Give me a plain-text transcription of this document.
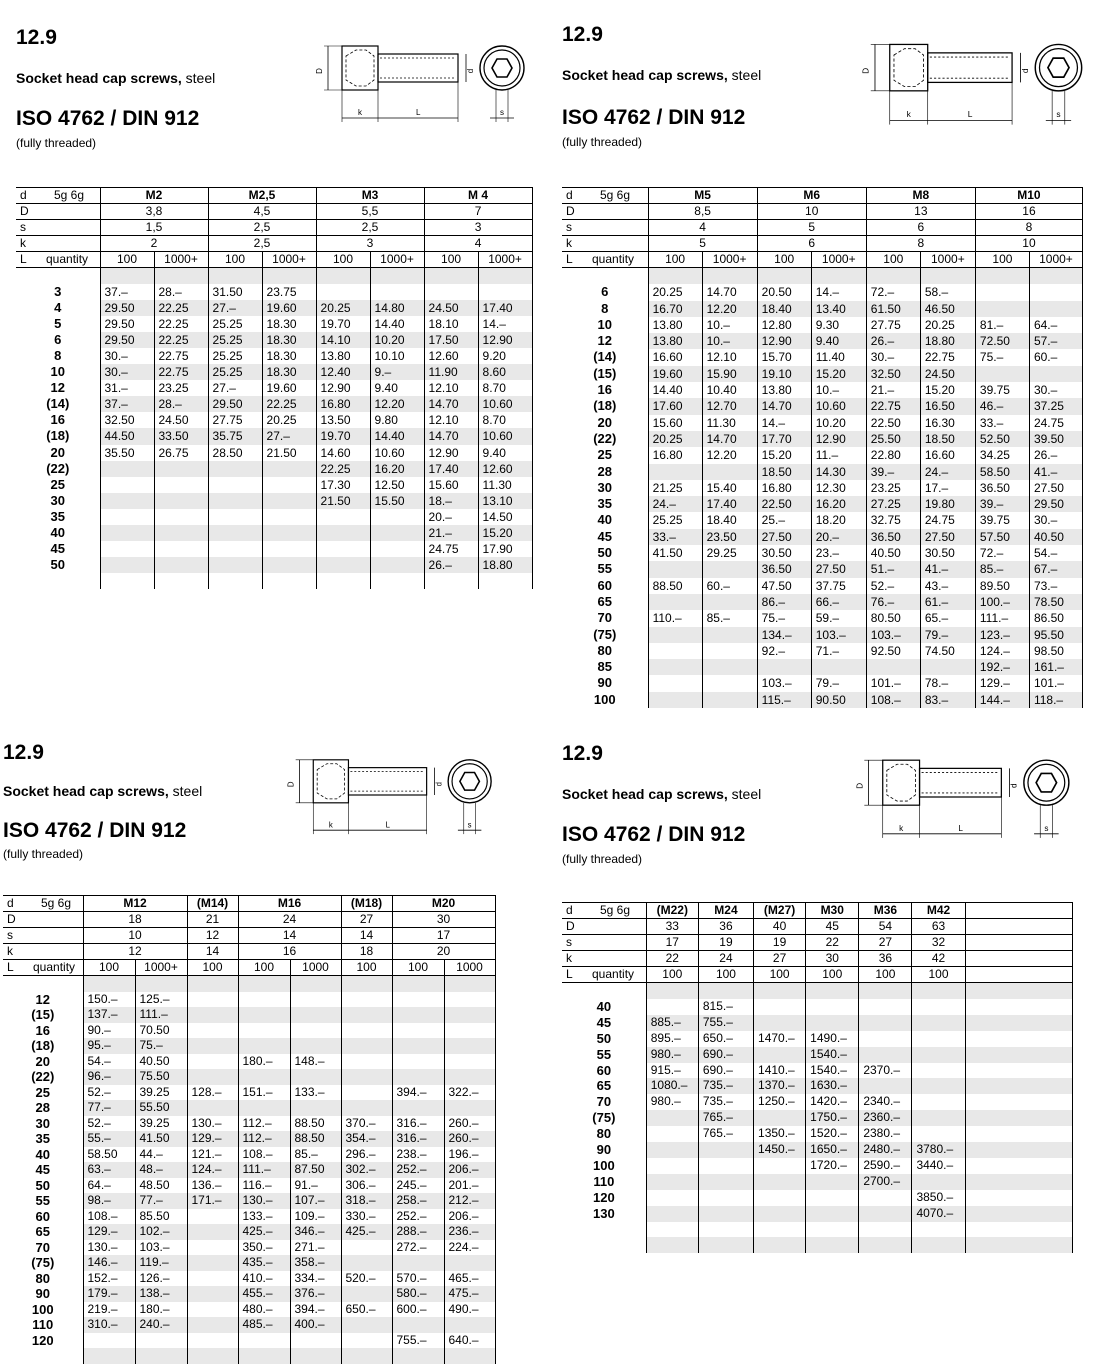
12.9
Socket head cap screws, steel
ISO 4762 / DIN 912
(fully threaded)
D	d
k	L	s
d 5g 6g	M2		M2,5		M3		M 4	
D	3,8		4,5		5,5		7	
s	1,5		2,5		2,5		3	
k	2		2,5		3		4	
L quantity	100	1000+	100	1000+	100	1000+	100	1000+

3	37.–	28.–	31.50	23.75				
4	29.50	22.25	27.–	19.60	20.25	14.80	24.50	17.40
5	29.50	22.25	25.25	18.30	19.70	14.40	18.10	14.–
6	29.50	22.25	25.25	18.30	14.10	10.20	17.50	12.90
8	30.–	22.75	25.25	18.30	13.80	10.10	12.60	9.20
10	30.–	22.75	25.25	18.30	12.40	9.–	11.90	8.60
12	31.–	23.25	27.–	19.60	12.90	9.40	12.10	8.70
(14)	37.–	28.–	29.50	22.25	16.80	12.20	14.70	10.60
16	32.50	24.50	27.75	20.25	13.50	9.80	12.10	8.70
(18)	44.50	33.50	35.75	27.–	19.70	14.40	14.70	10.60
20	35.50	26.75	28.50	21.50	14.60	10.60	12.90	9.40
(22)					22.25	16.20	17.40	12.60
25					17.30	12.50	15.60	11.30
30					21.50	15.50	18.–	13.10
35							20.–	14.50
40							21.–	15.20
45							24.75	17.90
50							26.–	18.80

12.9
Socket head cap screws, steel
ISO 4762 / DIN 912
(fully threaded)
D	d
k	L	s
d 5g 6g	M5		M6		M8		M10	
D	8,5		10		13		16	
s	4		5		6		8	
k	5		6		8		10	
L quantity	100	1000+	100	1000+	100	1000+	100	1000+

6	20.25	14.70	20.50	14.–	72.–	58.–		
8	16.70	12.20	18.40	13.40	61.50	46.50		
10	13.80	10.–	12.80	9.30	27.75	20.25	81.–	64.–
12	13.80	10.–	12.90	9.40	26.–	18.80	72.50	57.–
(14)	16.60	12.10	15.70	11.40	30.–	22.75	75.–	60.–
(15)	19.60	15.90	19.10	15.20	32.50	24.50		
16	14.40	10.40	13.80	10.–	21.–	15.20	39.75	30.–
(18)	17.60	12.70	14.70	10.60	22.75	16.50	46.–	37.25
20	15.60	11.30	14.–	10.20	22.50	16.30	33.–	24.75
(22)	20.25	14.70	17.70	12.90	25.50	18.50	52.50	39.50
25	16.80	12.20	15.20	11.–	22.80	16.60	34.25	26.–
28			18.50	14.30	39.–	24.–	58.50	41.–
30	21.25	15.40	16.80	12.30	23.25	17.–	36.50	27.50
35	24.–	17.40	22.50	16.20	27.25	19.80	39.–	29.50
40	25.25	18.40	25.–	18.20	32.75	24.75	39.75	30.–
45	33.–	23.50	27.50	20.–	36.50	27.50	57.50	40.50
50	41.50	29.25	30.50	23.–	40.50	30.50	72.–	54.–
55			36.50	27.50	51.–	41.–	85.–	67.–
60	88.50	60.–	47.50	37.75	52.–	43.–	89.50	73.–
65			86.–	66.–	76.–	61.–	100.–	78.50
70	110.–	85.–	75.–	59.–	80.50	65.–	111.–	86.50
(75)			134.–	103.–	103.–	79.–	123.–	95.50
80			92.–	71.–	92.50	74.50	124.–	98.50
85							192.–	161.–
90			103.–	79.–	101.–	78.–	129.–	101.–
100			115.–	90.50	108.–	83.–	144.–	118.–
12.9
Socket head cap screws, steel
ISO 4762 / DIN 912
(fully threaded)
D	d
k	L	s
d 5g 6g	M12		(M14)	M16		(M18)	M20	
D	18		21	24		27	30	
s	10		12	14		14	17	
k	12		14	16		18	20	
L quantity	100	1000+	100	100	1000	100	100	1000

12	150.–	125.–						
(15)	137.–	111.–						
16	90.–	70.50						
(18)	95.–	75.–						
20	54.–	40.50		180.–	148.–			
(22)	96.–	75.50						
25	52.–	39.25	128.–	151.–	133.–		394.–	322.–
28	77.–	55.50						
30	52.–	39.25	130.–	112.–	88.50	370.–	316.–	260.–
35	55.–	41.50	129.–	112.–	88.50	354.–	316.–	260.–
40	58.50	44.–	121.–	108.–	85.–	296.–	238.–	196.–
45	63.–	48.–	124.–	111.–	87.50	302.–	252.–	206.–
50	64.–	48.50	136.–	116.–	91.–	306.–	245.–	201.–
55	98.–	77.–	171.–	130.–	107.–	318.–	258.–	212.–
60	108.–	85.50		133.–	109.–	330.–	252.–	206.–
65	129.–	102.–		425.–	346.–	425.–	288.–	236.–
70	130.–	103.–		350.–	271.–		272.–	224.–
(75)	146.–	119.–		435.–	358.–			
80	152.–	126.–		410.–	334.–	520.–	570.–	465.–
90	179.–	138.–		455.–	376.–		580.–	475.–
100	219.–	180.–		480.–	394.–	650.–	600.–	490.–
110	310.–	240.–		485.–	400.–			
120							755.–	640.–

12.9
Socket head cap screws, steel
ISO 4762 / DIN 912
(fully threaded)
D	d
k	L	s
d 5g 6g	(M22)	M24	(M27)	M30	M36	M42	
D	33	36	40	45	54	63	
s	17	19	19	22	27	32	
k	22	24	27	30	36	42	
L quantity	100	100	100	100	100	100	

40		815.–					
45	885.–	755.–					
50	895.–	650.–	1470.–	1490.–			
55	980.–	690.–		1540.–			
60	915.–	690.–	1410.–	1540.–	2370.–		
65	1080.–	735.–	1370.–	1630.–			
70	980.–	735.–	1250.–	1420.–	2340.–		
(75)		765.–		1750.–	2360.–		
80		765.–	1350.–	1520.–	2380.–		
90			1450.–	1650.–	2480.–	3780.–	
100				1720.–	2590.–	3440.–	
110					2700.–		
120						3850.–	
130						4070.–	
